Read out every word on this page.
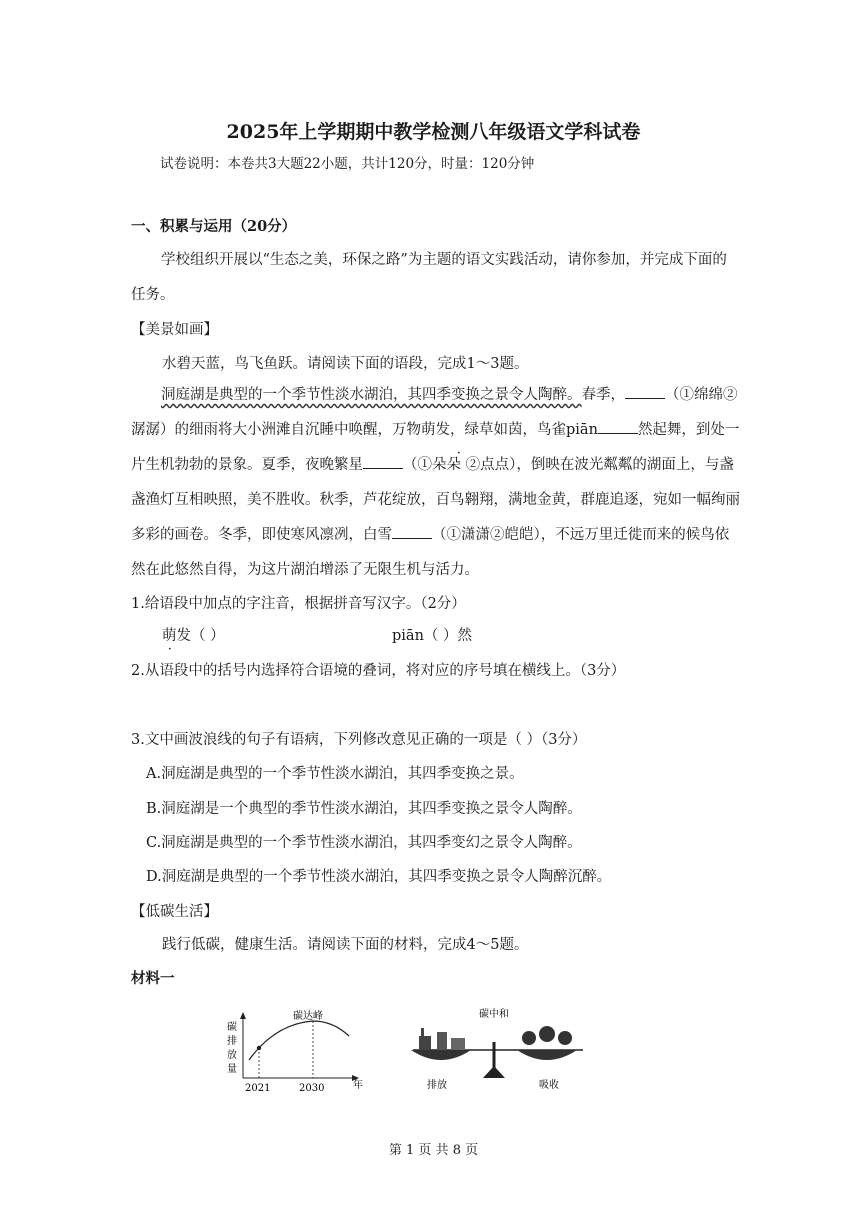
2025年上学期期中教学检测八年级语文学科试卷
试卷说明：本卷共3大题22小题，共计120分，时量：120分钟
一、积累与运用（20分）
学校组织开展以“生态之美，环保之路”为主题的语文实践活动，请你参加，并完成下面的任务。
【美景如画】
水碧天蓝，鸟飞鱼跃。请阅读下面的语段，完成1～3题。
洞庭湖是典型的一个季节性淡水湖泊，其四季变换之景令人陶醉。春季，	（①绵绵②潺潺）的细雨将大小洲滩自沉睡中唤醒，万物萌 ·发，绿草如茵，鸟雀piān	然起舞，到处一片生机勃勃的景象。夏季，夜晚繁星	（①朵朵 ②点点），倒映在波光粼粼的湖面上，与盏盏渔灯互相映照，美不胜收。秋季，芦花绽放，百鸟翱翔，满地金黄，群鹿追逐，宛如一幅绚丽多彩的画卷。冬季，即使寒风凛冽，白雪	（①潇潇②皑皑），不远万里迁徙而来的候鸟依然在此悠然自得，为这片湖泊增添了无限生机与活力。
1.给语段中加点的字注音，根据拼音写汉字。（2分）
萌发（ ）	piān（ ）然
2.从语段中的括号内选择符合语境的叠词，将对应的序号填在横线上。（3分）
3.文中画波浪线的句子有语病，下列修改意见正确的一项是（ ）（3分）
A.洞庭湖是典型的一个季节性淡水湖泊，其四季变换之景。
B.洞庭湖是一个典型的季节性淡水湖泊，其四季变换之景令人陶醉。
C.洞庭湖是典型的一个季节性淡水湖泊，其四季变幻之景令人陶醉。
D.洞庭湖是典型的一个季节性淡水湖泊，其四季变换之景令人陶醉沉醉。
【低碳生活】
践行低碳，健康生活。请阅读下面的材料，完成4～5题。
材料一
碳
排
放
量
碳达峰
2021	2030	年
碳中和
排放	吸收
第 1 页 共 8 页
